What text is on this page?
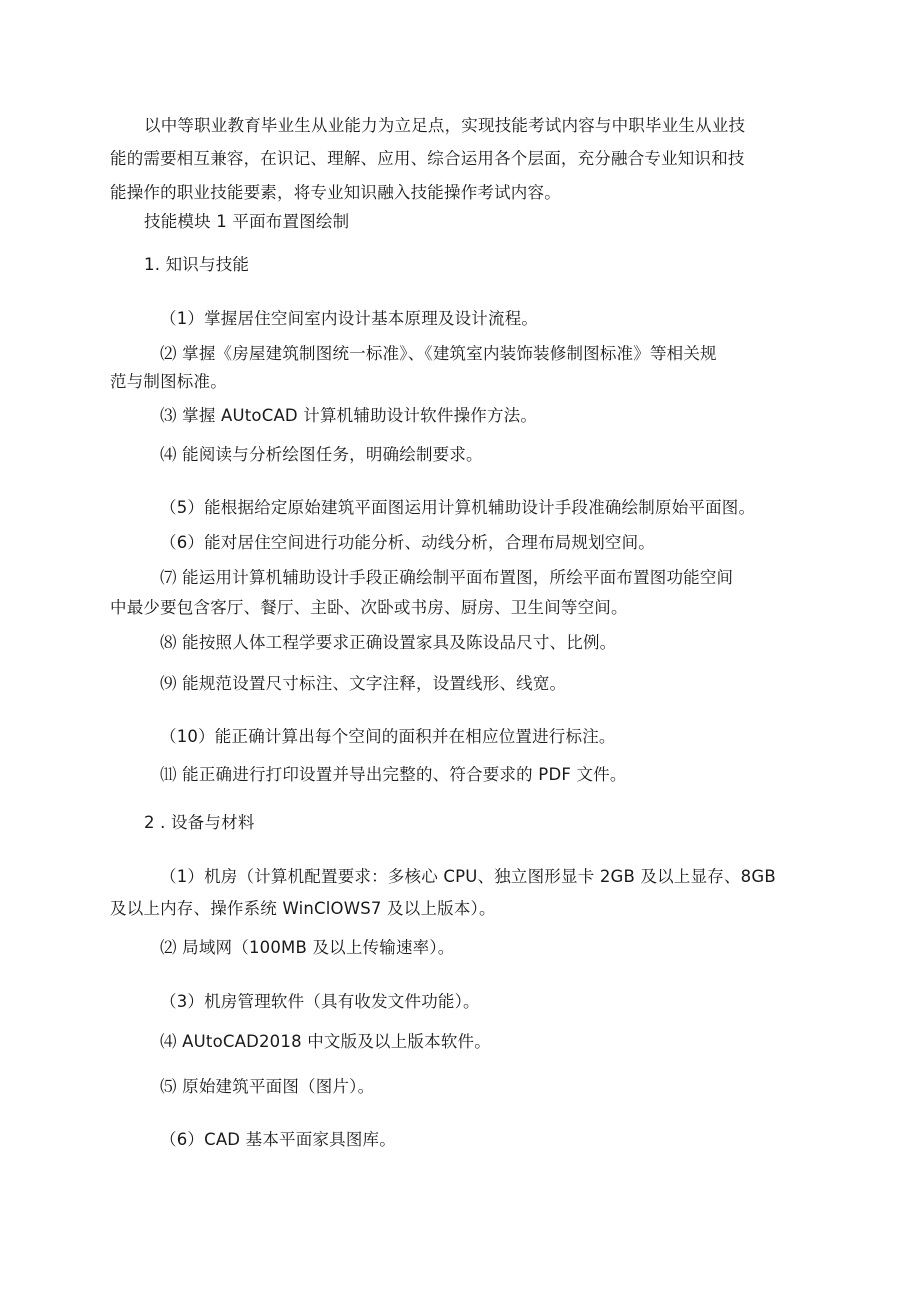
以中等职业教育毕业生从业能力为立足点，实现技能考试内容与中职毕业生从业技
能的需要相互兼容，在识记、理解、应用、综合运用各个层面，充分融合专业知识和技
能操作的职业技能要素，将专业知识融入技能操作考试内容。
技能模块 1 平面布置图绘制
1. 知识与技能
（1）掌握居住空间室内设计基本原理及设计流程。
⑵ 掌握《房屋建筑制图统一标准》、《建筑室内装饰装修制图标准》等相关规
范与制图标准。
⑶ 掌握 AUtoCAD 计算机辅助设计软件操作方法。
⑷ 能阅读与分析绘图任务，明确绘制要求。
（5）能根据给定原始建筑平面图运用计算机辅助设计手段准确绘制原始平面图。
（6）能对居住空间进行功能分析、动线分析，合理布局规划空间。
⑺ 能运用计算机辅助设计手段正确绘制平面布置图，所绘平面布置图功能空间
中最少要包含客厅、餐厅、主卧、次卧或书房、厨房、卫生间等空间。
⑻ 能按照人体工程学要求正确设置家具及陈设品尺寸、比例。
⑼ 能规范设置尺寸标注、文字注释，设置线形、线宽。
（10）能正确计算出每个空间的面积并在相应位置进行标注。
⑾ 能正确进行打印设置并导出完整的、符合要求的 PDF 文件。
2 . 设备与材料
（1）机房（计算机配置要求：多核心 CPU、独立图形显卡 2GB 及以上显存、8GB
及以上内存、操作系统 WinClOWS7 及以上版本）。
⑵ 局域网（100MB 及以上传输速率）。
（3）机房管理软件（具有收发文件功能）。
⑷ AUtoCAD2018 中文版及以上版本软件。
⑸ 原始建筑平面图（图片）。
（6）CAD 基本平面家具图库。
